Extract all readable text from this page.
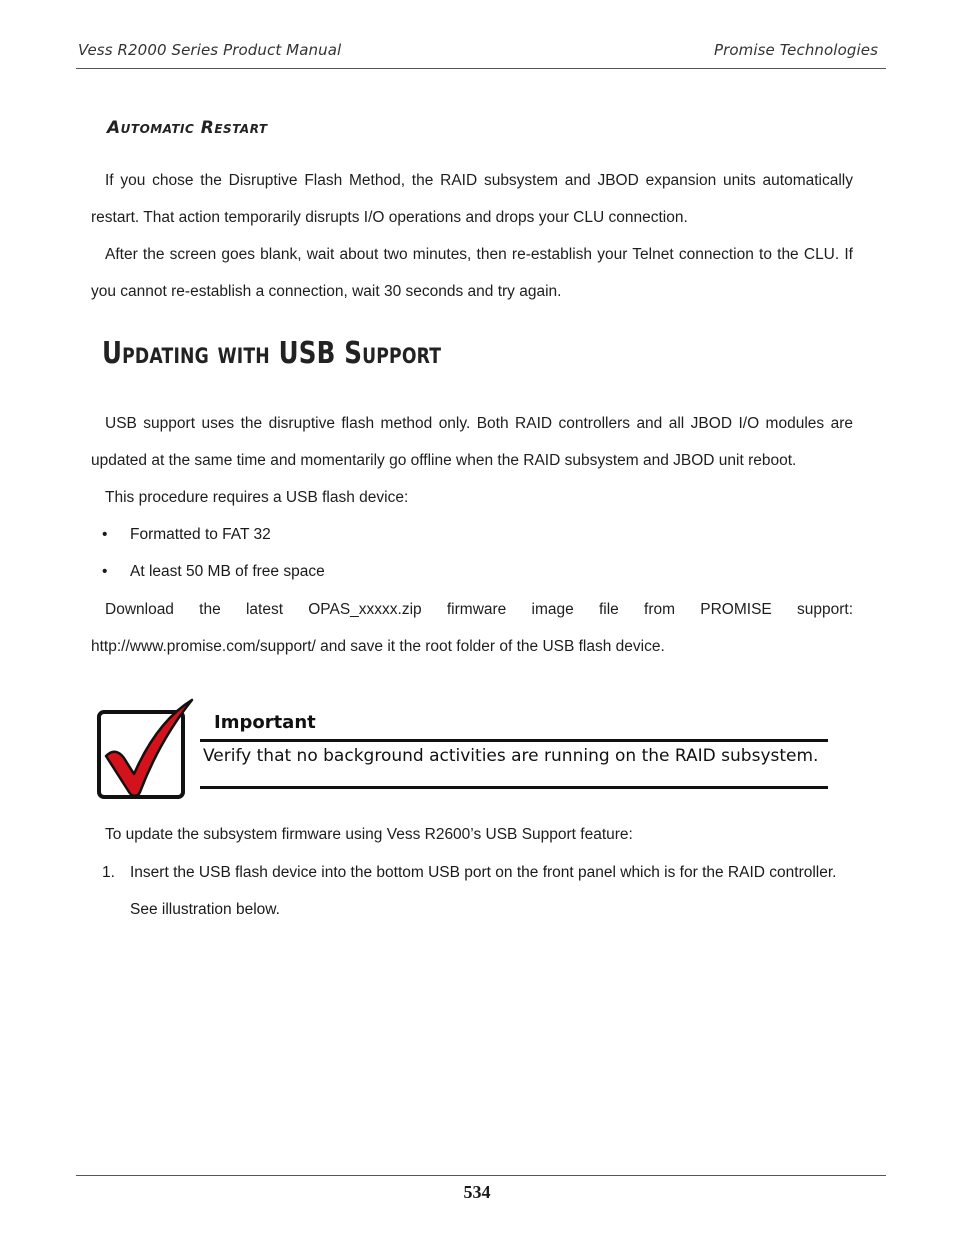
Vess R2000 Series Product Manual	Promise Technologies
Automatic Restart
If you chose the Disruptive Flash Method, the RAID subsystem and JBOD expansion units automatically restart. That action temporarily disrupts I/O operations and drops your CLU connection.
After the screen goes blank, wait about two minutes, then re-establish your Telnet connection to the CLU. If you cannot re-establish a connection, wait 30 seconds and try again.
Updating with USB Support
USB support uses the disruptive flash method only. Both RAID controllers and all JBOD I/O modules are updated at the same time and momentarily go offline when the RAID subsystem and JBOD unit reboot.
This procedure requires a USB flash device:
• Formatted to FAT 32
• At least 50 MB of free space
Download the latest OPAS_xxxxx.zip firmware image file from PROMISE support: http://www.promise.com/support/ and save it the root folder of the USB flash device.
Important
Verify that no background activities are running on the RAID subsystem.
To update the subsystem firmware using Vess R2600’s USB Support feature:
1. Insert the USB flash device into the bottom USB port on the front panel which is for the RAID controller.
See illustration below.
534
